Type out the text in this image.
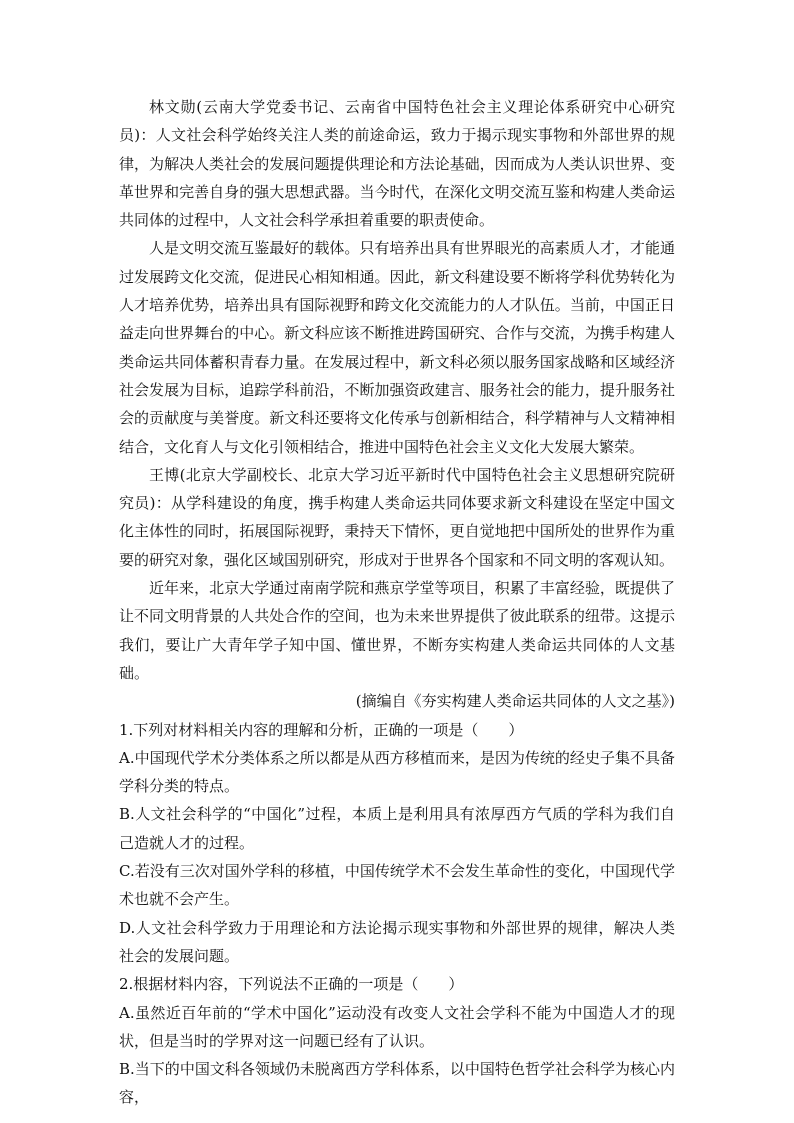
林文勋(云南大学党委书记、云南省中国特色社会主义理论体系研究中心研究员)：人文社会科学始终关注人类的前途命运，致力于揭示现实事物和外部世界的规律，为解决人类社会的发展问题提供理论和方法论基础，因而成为人类认识世界、变革世界和完善自身的强大思想武器。当今时代，在深化文明交流互鉴和构建人类命运共同体的过程中，人文社会科学承担着重要的职责使命。

人是文明交流互鉴最好的载体。只有培养出具有世界眼光的高素质人才，才能通过发展跨文化交流，促进民心相知相通。因此，新文科建设要不断将学科优势转化为人才培养优势，培养出具有国际视野和跨文化交流能力的人才队伍。当前，中国正日益走向世界舞台的中心。新文科应该不断推进跨国研究、合作与交流，为携手构建人类命运共同体蓄积青春力量。在发展过程中，新文科必须以服务国家战略和区域经济社会发展为目标，追踪学科前沿，不断加强资政建言、服务社会的能力，提升服务社会的贡献度与美誉度。新文科还要将文化传承与创新相结合，科学精神与人文精神相结合，文化育人与文化引领相结合，推进中国特色社会主义文化大发展大繁荣。

王博(北京大学副校长、北京大学习近平新时代中国特色社会主义思想研究院研究员)：从学科建设的角度，携手构建人类命运共同体要求新文科建设在坚定中国文化主体性的同时，拓展国际视野，秉持天下情怀，更自觉地把中国所处的世界作为重要的研究对象，强化区域国别研究，形成对于世界各个国家和不同文明的客观认知。

近年来，北京大学通过南南学院和燕京学堂等项目，积累了丰富经验，既提供了让不同文明背景的人共处合作的空间，也为未来世界提供了彼此联系的纽带。这提示我们，要让广大青年学子知中国、懂世界，不断夯实构建人类命运共同体的人文基础。

(摘编自《夯实构建人类命运共同体的人文之基》)

1.下列对材料相关内容的理解和分析，正确的一项是（　　）

A.中国现代学术分类体系之所以都是从西方移植而来，是因为传统的经史子集不具备学科分类的特点。

B.人文社会科学的“中国化”过程，本质上是利用具有浓厚西方气质的学科为我们自己造就人才的过程。

C.若没有三次对国外学科的移植，中国传统学术不会发生革命性的变化，中国现代学术也就不会产生。

D.人文社会科学致力于用理论和方法论揭示现实事物和外部世界的规律，解决人类社会的发展问题。

2.根据材料内容，下列说法不正确的一项是（　　）

A.虽然近百年前的“学术中国化”运动没有改变人文社会学科不能为中国造人才的现状，但是当时的学界对这一问题已经有了认识。

B.当下的中国文科各领域仍未脱离西方学科体系，以中国特色哲学社会科学为核心内容，
